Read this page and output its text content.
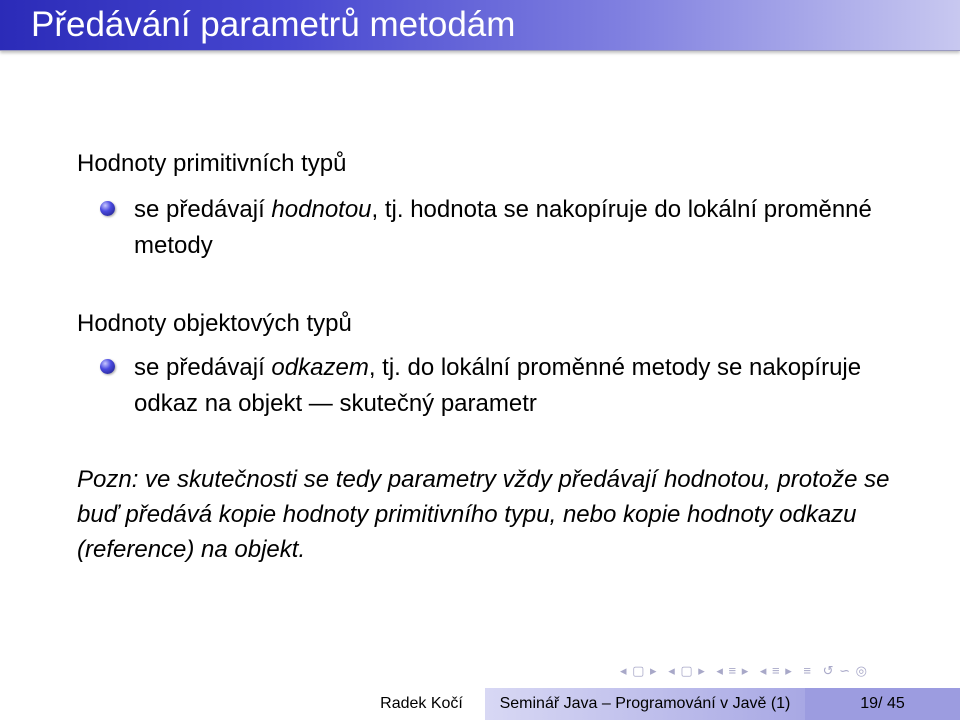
Předávání parametrů metodám
Hodnoty primitivních typů
se předávají hodnotou, tj. hodnota se nakopíruje do lokální proměnné metody
Hodnoty objektových typů
se předávají odkazem, tj. do lokální proměnné metody se nakopíruje odkaz na objekt — skutečný parametr
Pozn: ve skutečnosti se tedy parametry vždy předávají hodnotou, protože se buď předává kopie hodnoty primitivního typu, nebo kopie hodnoty odkazu (reference) na objekt.
◂ ▢ ▸ ◂ ▢ ▸ ◂ ≡ ▸ ◂ ≡ ▸ ≡ ↺ ∽ ◎
Radek Kočí	Seminář Java – Programování v Javě (1)	19/ 45
